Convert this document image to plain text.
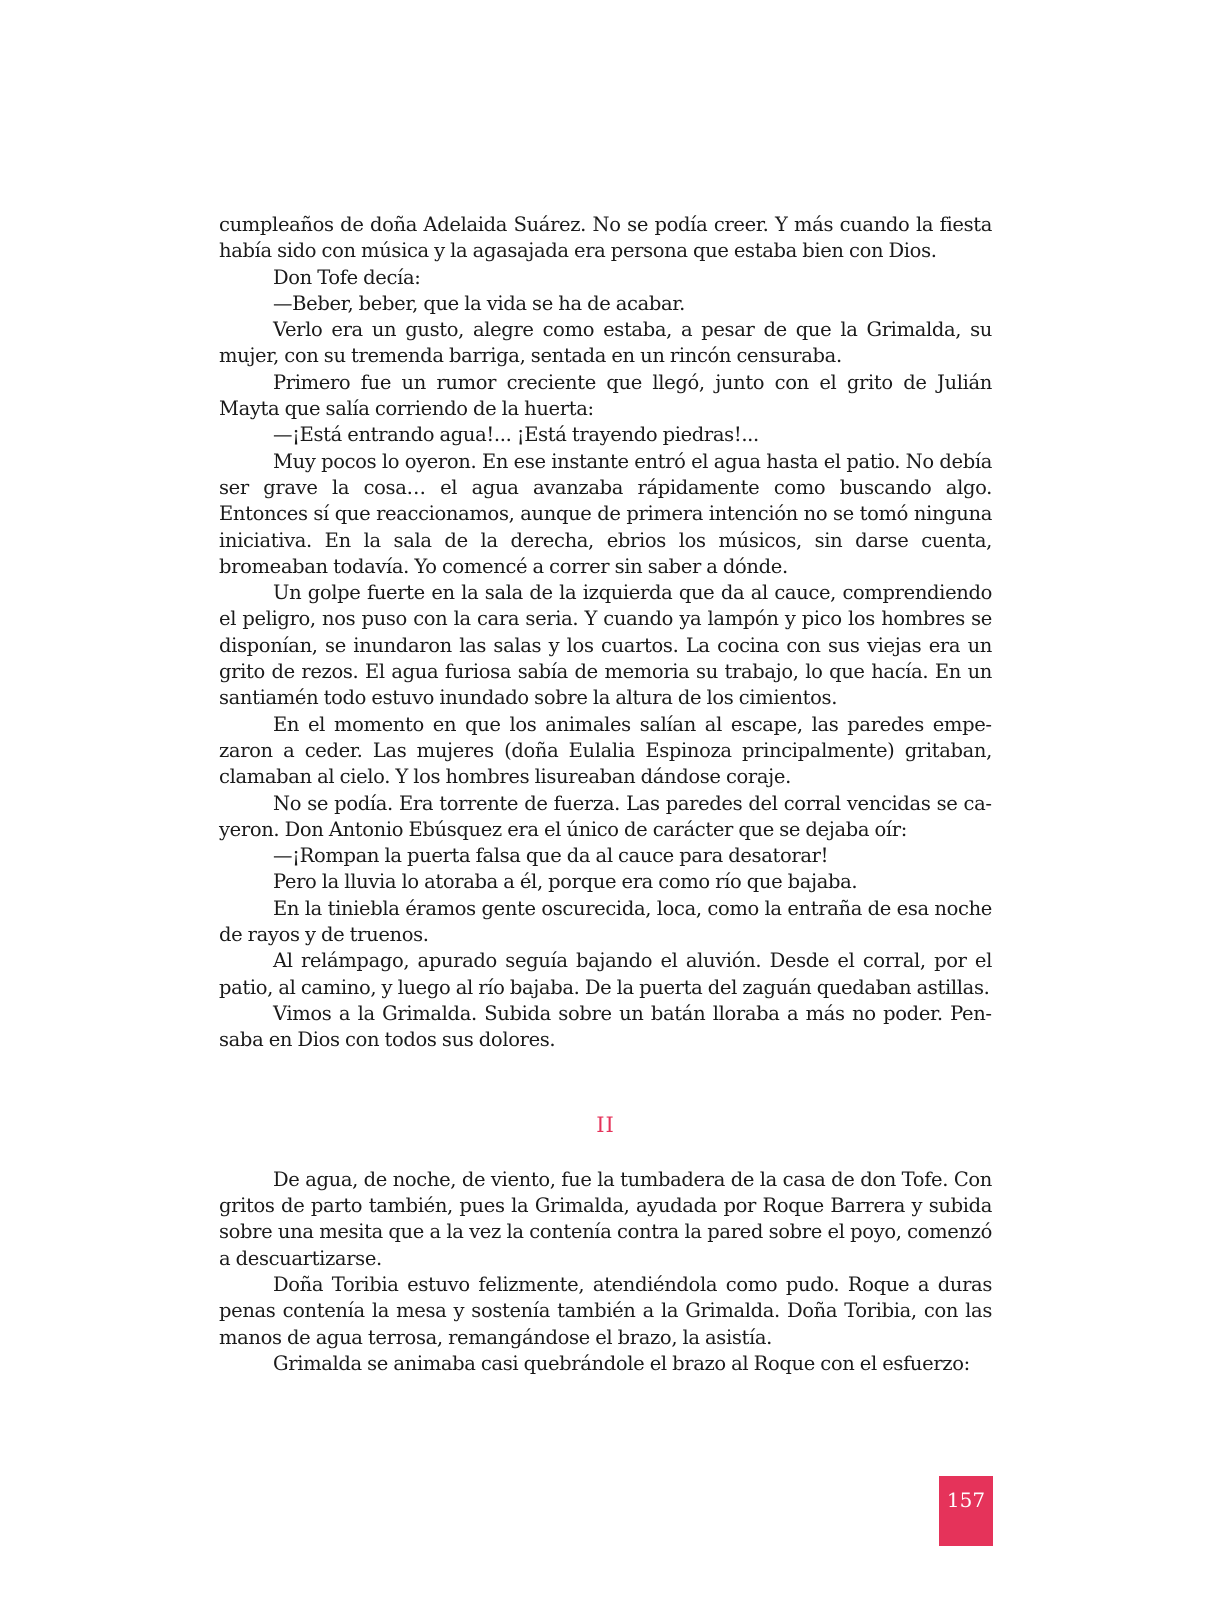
cumpleaños de doña Adelaida Suárez. No se podía creer. Y más cuando la fiesta había sido con música y la agasajada era persona que estaba bien con Dios.

Don Tofe decía:

—Beber, beber, que la vida se ha de acabar.

Verlo era un gusto, alegre como estaba, a pesar de que la Grimalda, su mujer, con su tremenda barriga, sentada en un rincón censuraba.

Primero fue un rumor creciente que llegó, junto con el grito de Julián Mayta que salía corriendo de la huerta:

—¡Está entrando agua!... ¡Está trayendo piedras!...

Muy pocos lo oyeron. En ese instante entró el agua hasta el patio. No debía ser grave la cosa… el agua avanzaba rápidamente como buscando algo. Entonces sí que reaccionamos, aunque de primera intención no se tomó ninguna iniciativa. En la sala de la derecha, ebrios los músicos, sin darse cuenta, bromeaban todavía. Yo comencé a correr sin saber a dónde.

Un golpe fuerte en la sala de la izquierda que da al cauce, comprendiendo el peligro, nos puso con la cara seria. Y cuando ya lampón y pico los hombres se disponían, se inundaron las salas y los cuartos. La cocina con sus viejas era un grito de rezos. El agua furiosa sabía de memoria su trabajo, lo que hacía. En un santiamén todo estuvo inundado sobre la altura de los cimientos.

En el momento en que los animales salían al escape, las paredes empezaron a ceder. Las mujeres (doña Eulalia Espinoza principalmente) gritaban, clamaban al cielo. Y los hombres lisureaban dándose coraje.

No se podía. Era torrente de fuerza. Las paredes del corral vencidas se cayeron. Don Antonio Ebúsquez era el único de carácter que se dejaba oír:

—¡Rompan la puerta falsa que da al cauce para desatorar!

Pero la lluvia lo atoraba a él, porque era como río que bajaba.

En la tiniebla éramos gente oscurecida, loca, como la entraña de esa noche de rayos y de truenos.

Al relámpago, apurado seguía bajando el aluvión. Desde el corral, por el patio, al camino, y luego al río bajaba. De la puerta del zaguán quedaban astillas.

Vimos a la Grimalda. Subida sobre un batán lloraba a más no poder. Pensaba en Dios con todos sus dolores.

II

De agua, de noche, de viento, fue la tumbadera de la casa de don Tofe. Con gritos de parto también, pues la Grimalda, ayudada por Roque Barrera y subida sobre una mesita que a la vez la contenía contra la pared sobre el poyo, comenzó a descuartizarse.

Doña Toribia estuvo felizmente, atendiéndola como pudo. Roque a duras penas contenía la mesa y sostenía también a la Grimalda. Doña Toribia, con las manos de agua terrosa, remangándose el brazo, la asistía.

Grimalda se animaba casi quebrándole el brazo al Roque con el esfuerzo:

157
